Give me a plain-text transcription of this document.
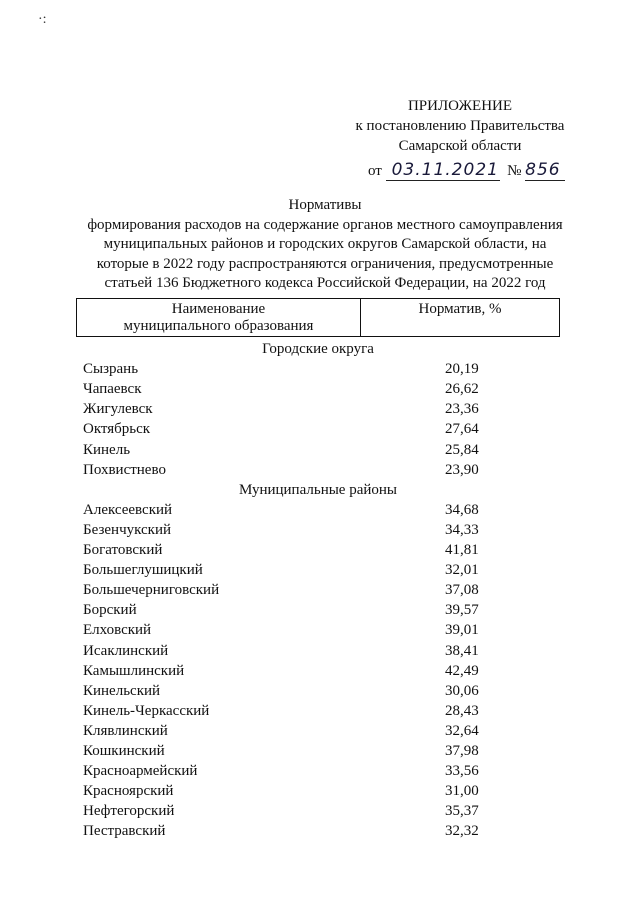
·:
ПРИЛОЖЕНИЕ
к постановлению Правительства
Самарской области
от 03.11.2021 № 856
Нормативы
формирования расходов на содержание органов местного самоуправления
муниципальных районов и городских округов Самарской области, на
которые в 2022 году распространяются ограничения, предусмотренные
статьей 136 Бюджетного кодекса Российской Федерации, на 2022 год
Наименование
муниципального образования
	Норматив, %
Городские округа
Сызрань	20,19
Чапаевск	26,62
Жигулевск	23,36
Октябрьск	27,64
Кинель	25,84
Похвистнево	23,90
Муниципальные районы
Алексеевский	34,68
Безенчукский	34,33
Богатовский	41,81
Большеглушицкий	32,01
Большечерниговский	37,08
Борский	39,57
Елховский	39,01
Исаклинский	38,41
Камышлинский	42,49
Кинельский	30,06
Кинель-Черкасский	28,43
Клявлинский	32,64
Кошкинский	37,98
Красноармейский	33,56
Красноярский	31,00
Нефтегорский	35,37
Пестравский	32,32
